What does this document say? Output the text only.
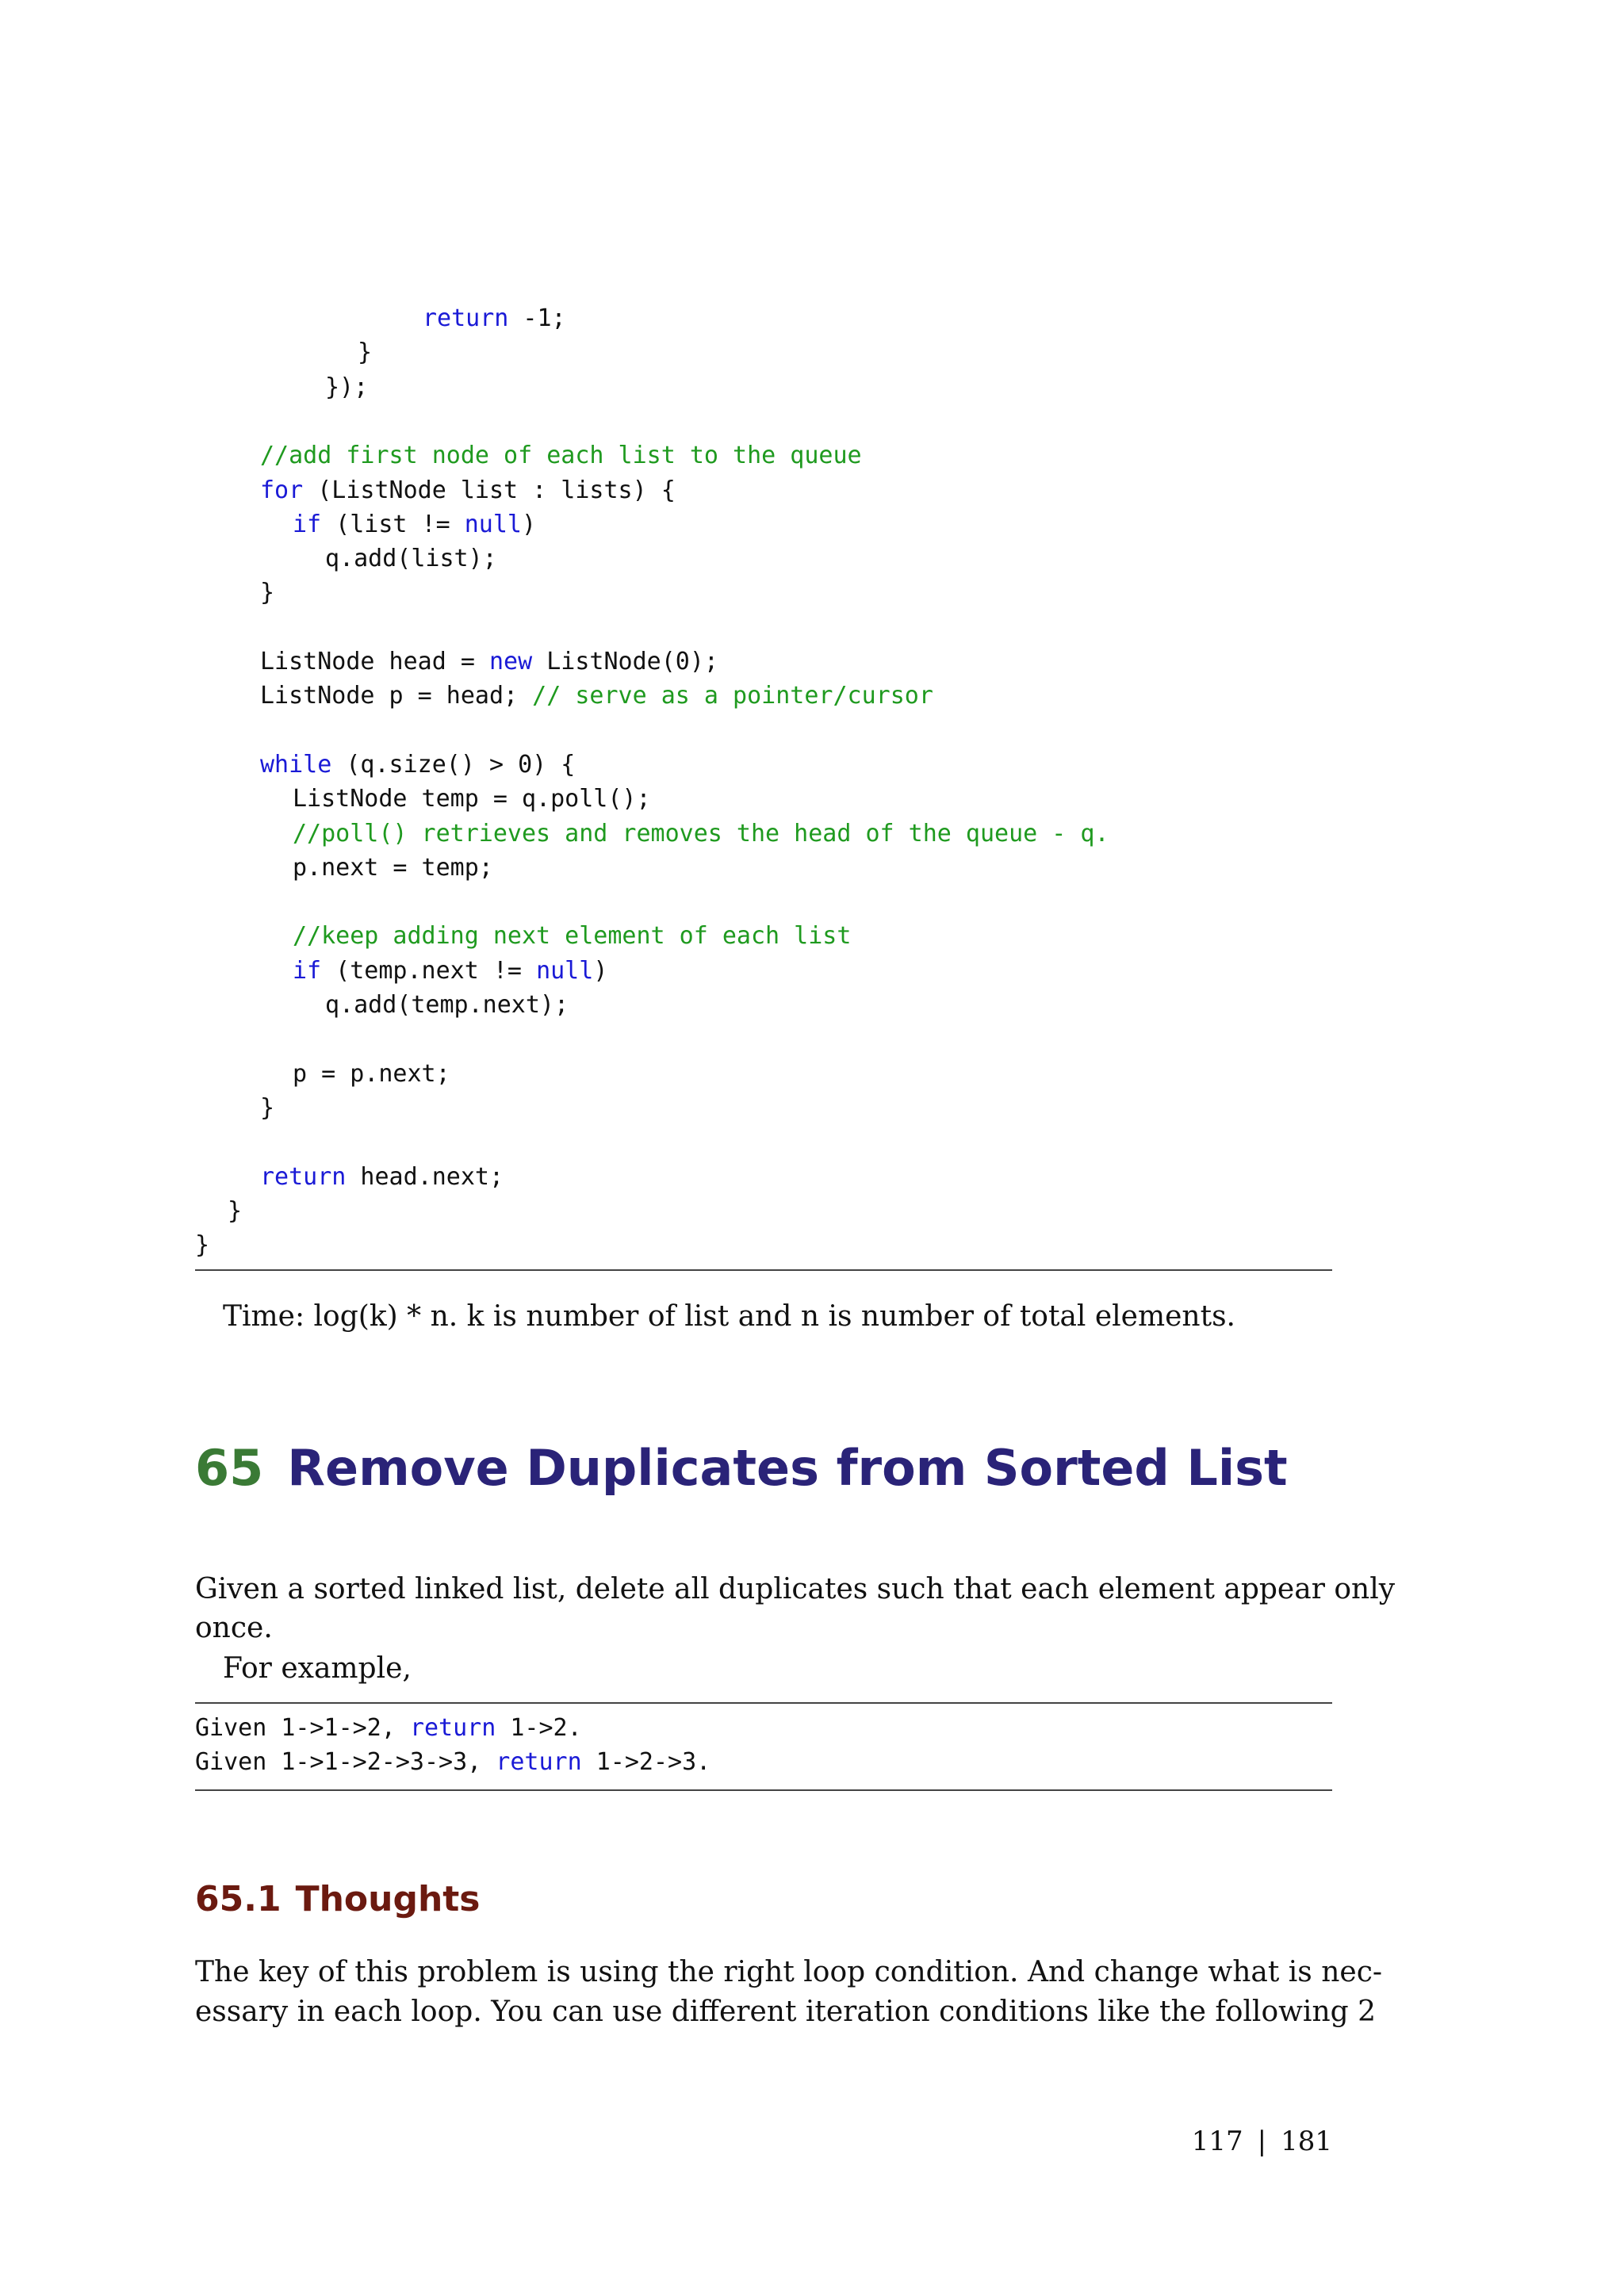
return -1;
}
});
//add first node of each list to the queue
for (ListNode list : lists) {
if (list != null)
q.add(list);
}
ListNode head = new ListNode(0);
ListNode p = head; // serve as a pointer/cursor
while (q.size() > 0) {
ListNode temp = q.poll();
//poll() retrieves and removes the head of the queue - q.
p.next = temp;
//keep adding next element of each list
if (temp.next != null)
q.add(temp.next);
p = p.next;
}
return head.next;
}
}
Time: log(k) * n. k is number of list and n is number of total elements.
65 Remove Duplicates from Sorted List
Given a sorted linked list, delete all duplicates such that each element appear only
once.
For example,
Given 1->1->2, return 1->2.
Given 1->1->2->3->3, return 1->2->3.
65.1 Thoughts
The key of this problem is using the right loop condition. And change what is nec-
essary in each loop. You can use different iteration conditions like the following 2
117 | 181
